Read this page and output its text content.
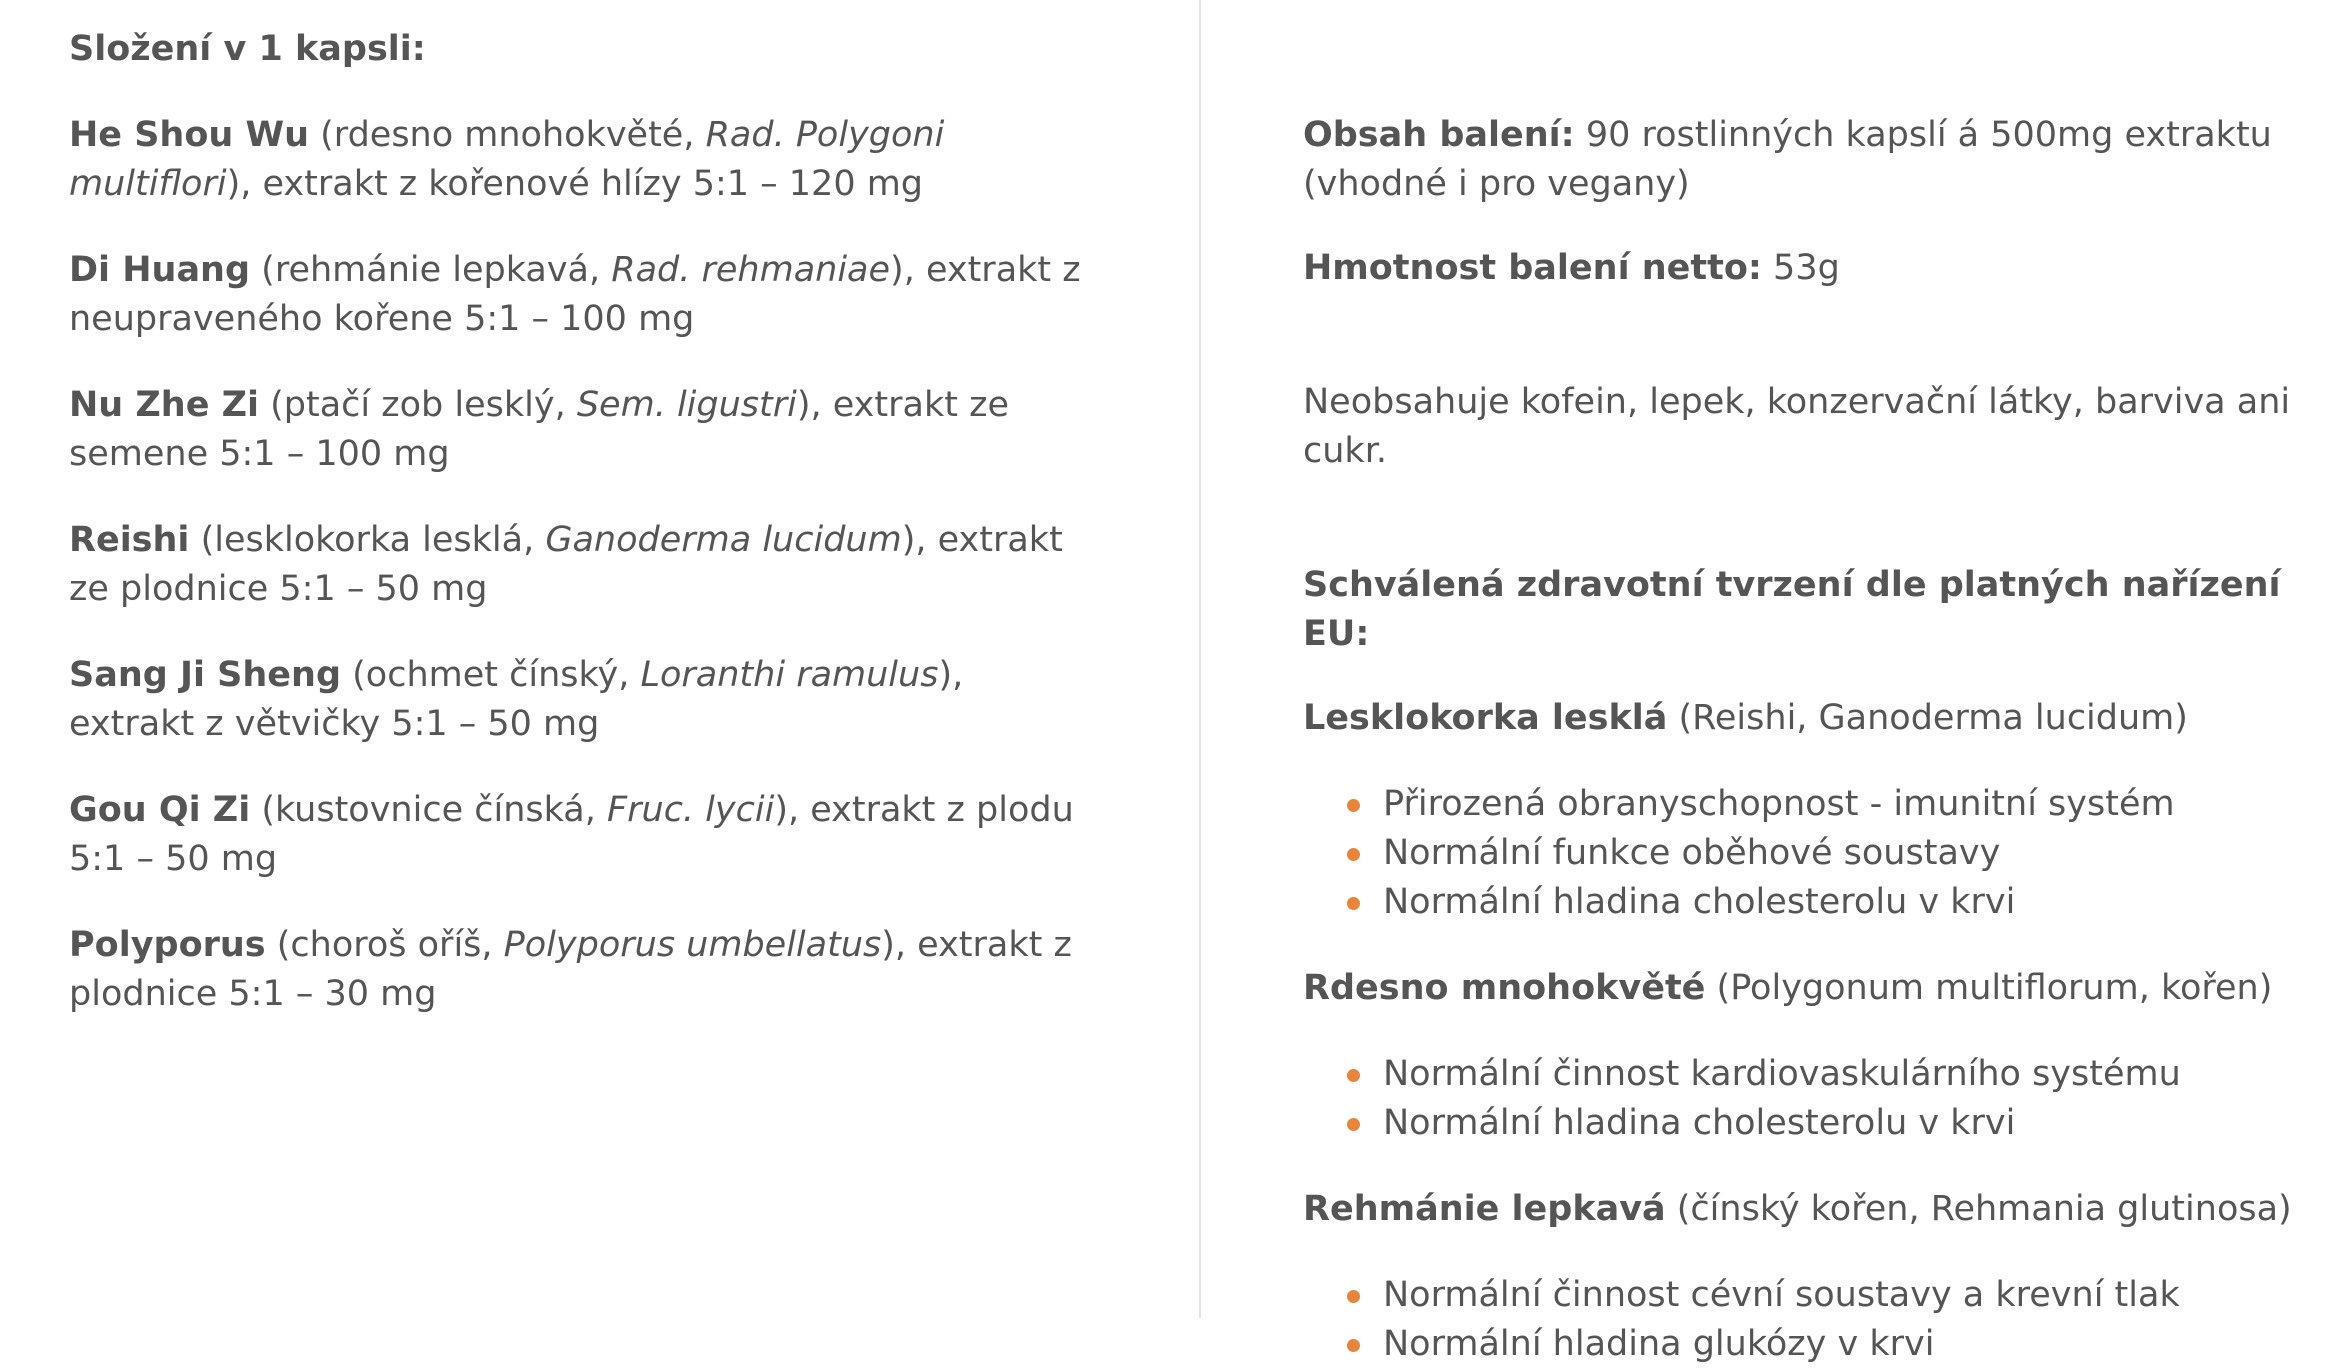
Složení v 1 kapsli:

He Shou Wu (rdesno mnohokvěté, Rad. Polygoni multiflori), extrakt z kořenové hlízy 5:1 – 120 mg

Di Huang (rehmánie lepkavá, Rad. rehmaniae), extrakt z neupraveného kořene 5:1 – 100 mg

Nu Zhe Zi (ptačí zob lesklý, Sem. ligustri), extrakt ze semene 5:1 – 100 mg

Reishi (lesklokorka lesklá, Ganoderma lucidum), extrakt ze plodnice 5:1 – 50 mg

Sang Ji Sheng (ochmet čínský, Loranthi ramulus), extrakt z větvičky 5:1 – 50 mg

Gou Qi Zi (kustovnice čínská, Fruc. lycii), extrakt z plodu 5:1 – 50 mg

Polyporus (choroš oříš, Polyporus umbellatus), extrakt z plodnice 5:1 – 30 mg

Obsah balení: 90 rostlinných kapslí á 500mg extraktu (vhodné i pro vegany)

Hmotnost balení netto: 53g

Neobsahuje kofein, lepek, konzervační látky, barviva ani cukr.

Schválená zdravotní tvrzení dle platných nařízení EU:

Lesklokorka lesklá (Reishi, Ganoderma lucidum)

Přirozená obranyschopnost - imunitní systém
Normální funkce oběhové soustavy
Normální hladina cholesterolu v krvi

Rdesno mnohokvěté (Polygonum multiflorum, kořen)

Normální činnost kardiovaskulárního systému
Normální hladina cholesterolu v krvi

Rehmánie lepkavá (čínský kořen, Rehmania glutinosa)

Normální činnost cévní soustavy a krevní tlak
Normální hladina glukózy v krvi
